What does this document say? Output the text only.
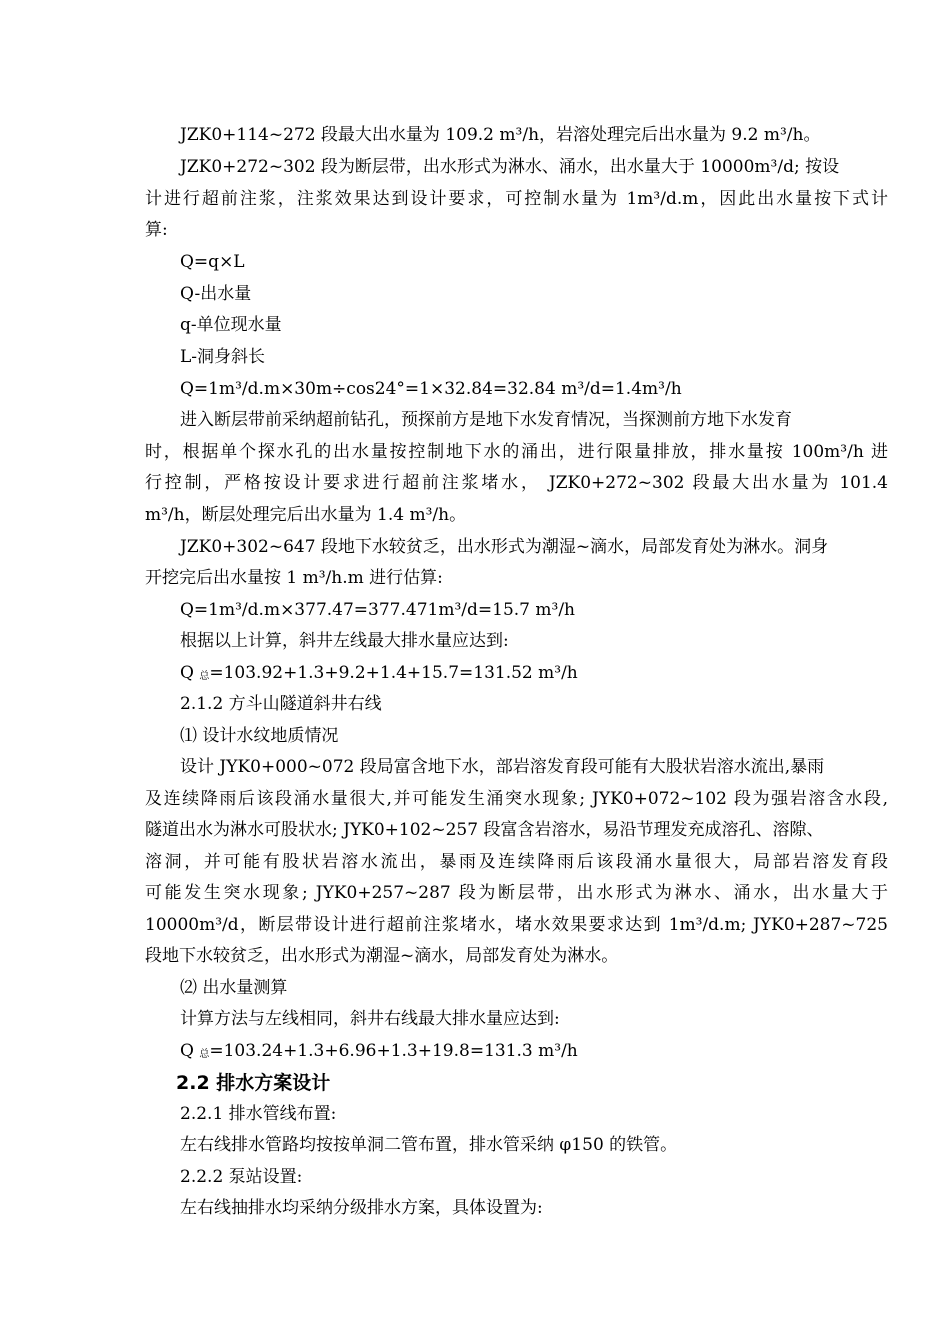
JZK0+114~272 段最大出水量为 109.2 m³/h，岩溶处理完后出水量为 9.2 m³/h。
JZK0+272~302 段为断层带，出水形式为淋水、涌水，出水量大于 10000m³/d; 按设
计进行超前注浆，注浆效果达到设计要求，可控制水量为 1m³/d.m，因此出水量按下式计
算:
Q=q×L
Q-出水量
q-单位现水量
L-洞身斜长
Q=1m³/d.m×30m÷cos24°=1×32.84=32.84 m³/d=1.4m³/h
进入断层带前采纳超前钻孔，预探前方是地下水发育情况，当探测前方地下水发育
时，根据单个探水孔的出水量按控制地下水的涌出，进行限量排放，排水量按 100m³/h 进
行控制，严格按设计要求进行超前注浆堵水， JZK0+272~302 段最大出水量为 101.4
m³/h，断层处理完后出水量为 1.4 m³/h。
JZK0+302~647 段地下水较贫乏，出水形式为潮湿~滴水，局部发育处为淋水。洞身
开挖完后出水量按 1 m³/h.m 进行估算:
Q=1m³/d.m×377.47=377.471m³/d=15.7 m³/h
根据以上计算，斜井左线最大排水量应达到:
Q 总=103.92+1.3+9.2+1.4+15.7=131.52 m³/h
2.1.2 方斗山隧道斜井右线
⑴ 设计水纹地质情况
设计 JYK0+000~072 段局富含地下水，部岩溶发育段可能有大股状岩溶水流出,暴雨
及连续降雨后该段涌水量很大,并可能发生涌突水现象; JYK0+072~102 段为强岩溶含水段,
隧道出水为淋水可股状水; JYK0+102~257 段富含岩溶水，易沿节理发充成溶孔、溶隙、
溶洞，并可能有股状岩溶水流出，暴雨及连续降雨后该段涌水量很大，局部岩溶发育段
可能发生突水现象; JYK0+257~287 段为断层带，出水形式为淋水、涌水，出水量大于
10000m³/d，断层带设计进行超前注浆堵水，堵水效果要求达到 1m³/d.m; JYK0+287~725
段地下水较贫乏，出水形式为潮湿~滴水，局部发育处为淋水。
⑵ 出水量测算
计算方法与左线相同，斜井右线最大排水量应达到:
Q 总=103.24+1.3+6.96+1.3+19.8=131.3 m³/h
2.2 排水方案设计
2.2.1 排水管线布置:
左右线排水管路均按按单洞二管布置，排水管采纳 φ150 的铁管。
2.2.2 泵站设置:
左右线抽排水均采纳分级排水方案，具体设置为:
